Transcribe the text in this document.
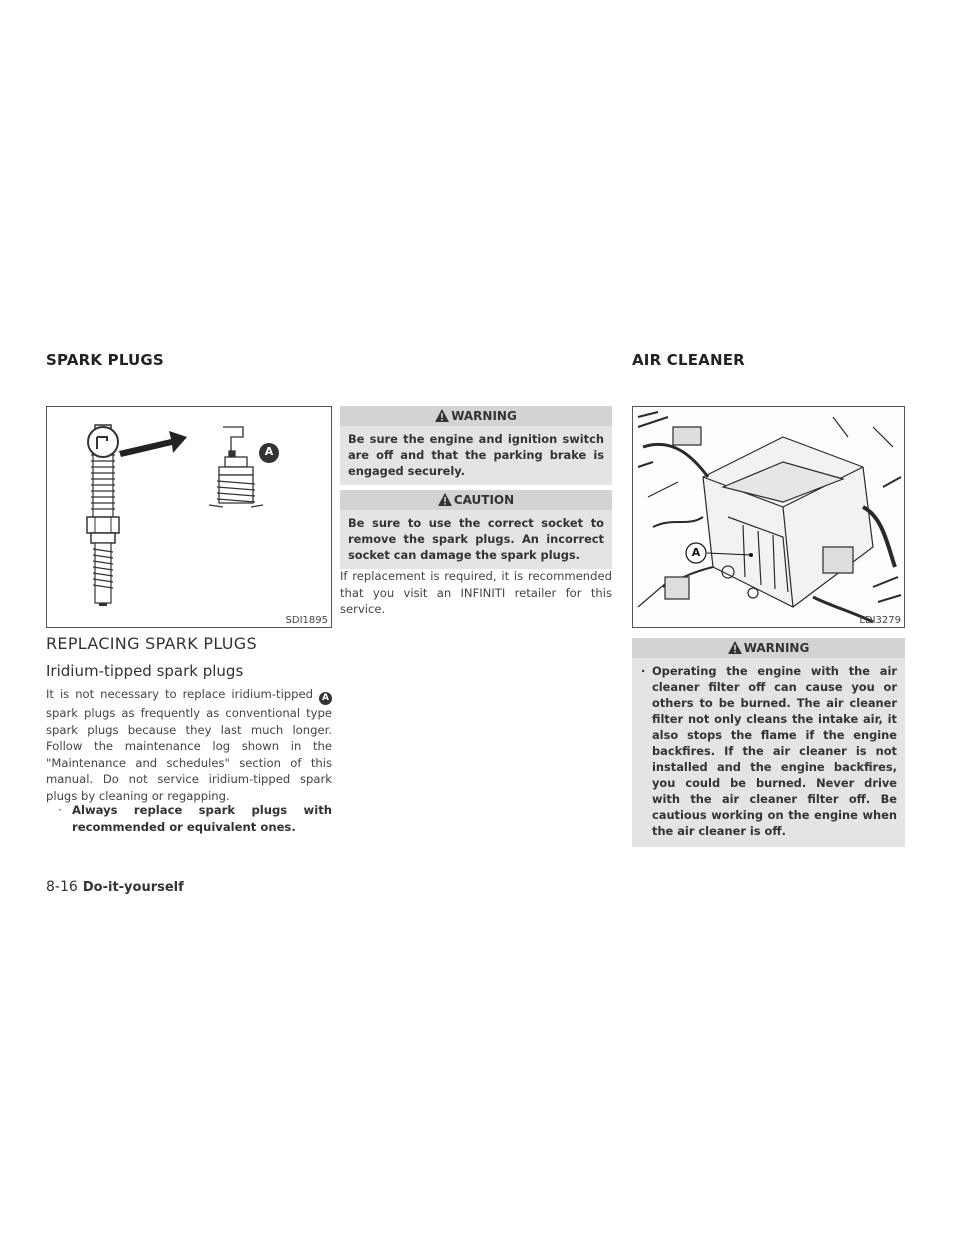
SPARK PLUGS	AIR CLEANER
A
SDI1895
REPLACING SPARK PLUGS
Iridium-tipped spark plugs
It is not necessary to replace iridium-tipped A spark plugs as frequently as conventional type spark plugs because they last much longer. Follow the maintenance log shown in the "Maintenance and schedules" section of this manual. Do not service iridium-tipped spark plugs by cleaning or regapping.
· Always replace spark plugs with recommended or equivalent ones.
WARNING
Be sure the engine and ignition switch are off and that the parking brake is engaged securely.
CAUTION
Be sure to use the correct socket to remove the spark plugs. An incorrect socket can damage the spark plugs.
If replacement is required, it is recommended that you visit an INFINITI retailer for this service.
A
LDI3279
WARNING
· Operating the engine with the air cleaner filter off can cause you or others to be burned. The air cleaner filter not only cleans the intake air, it also stops the flame if the engine backfires. If the air cleaner is not installed and the engine backfires, you could be burned. Never drive with the air cleaner filter off. Be cautious working on the engine when the air cleaner is off.
8-16 Do-it-yourself
